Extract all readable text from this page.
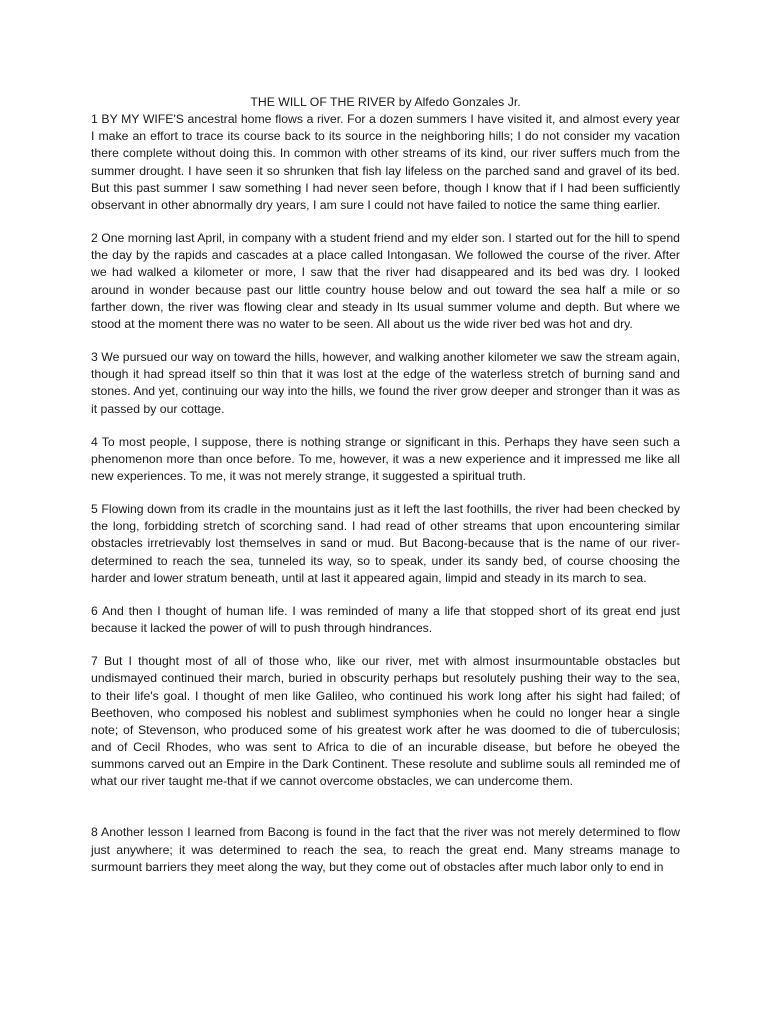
THE WILL OF THE RIVER by Alfedo Gonzales Jr.

1 BY MY WIFE'S ancestral home flows a river. For a dozen summers I have visited it, and almost every year I make an effort to trace its course back to its source in the neighboring hills; I do not consider my vacation there complete without doing this. In common with other streams of its kind, our river suffers much from the summer drought. I have seen it so shrunken that fish lay lifeless on the parched sand and gravel of its bed. But this past summer I saw something I had never seen before, though I know that if I had been sufficiently observant in other abnormally dry years, I am sure I could not have failed to notice the same thing earlier.

2 One morning last April, in company with a student friend and my elder son. I started out for the hill to spend the day by the rapids and cascades at a place called Intongasan. We followed the course of the river. After we had walked a kilometer or more, I saw that the river had disappeared and its bed was dry. I looked around in wonder because past our little country house below and out toward the sea half a mile or so farther down, the river was flowing clear and steady in Its usual summer volume and depth. But where we stood at the moment there was no water to be seen. All about us the wide river bed was hot and dry.

3 We pursued our way on toward the hills, however, and walking another kilometer we saw the stream again, though it had spread itself so thin that it was lost at the edge of the waterless stretch of burning sand and stones. And yet, continuing our way into the hills, we found the river grow deeper and stronger than it was as it passed by our cottage.

4 To most people, I suppose, there is nothing strange or significant in this. Perhaps they have seen such a phenomenon more than once before. To me, however, it was a new experience and it impressed me like all new experiences. To me, it was not merely strange, it suggested a spiritual truth.

5 Flowing down from its cradle in the mountains just as it left the last foothills, the river had been checked by the long, forbidding stretch of scorching sand. I had read of other streams that upon encountering similar obstacles irretrievably lost themselves in sand or mud. But Bacong-because that is the name of our river-determined to reach the sea, tunneled its way, so to speak, under its sandy bed, of course choosing the harder and lower stratum beneath, until at last it appeared again, limpid and steady in its march to sea.

6 And then I thought of human life. I was reminded of many a life that stopped short of its great end just because it lacked the power of will to push through hindrances.

7 But I thought most of all of those who, like our river, met with almost insurmountable obstacles but undismayed continued their march, buried in obscurity perhaps but resolutely pushing their way to the sea, to their life's goal. I thought of men like Galileo, who continued his work long after his sight had failed; of Beethoven, who composed his noblest and sublimest symphonies when he could no longer hear a single note; of Stevenson, who produced some of his greatest work after he was doomed to die of tuberculosis; and of Cecil Rhodes, who was sent to Africa to die of an incurable disease, but before he obeyed the summons carved out an Empire in the Dark Continent. These resolute and sublime souls all reminded me of what our river taught me-that if we cannot overcome obstacles, we can undercome them.

8 Another lesson I learned from Bacong is found in the fact that the river was not merely determined to flow just anywhere; it was determined to reach the sea, to reach the great end. Many streams manage to surmount barriers they meet along the way, but they come out of obstacles after much labor only to end in
